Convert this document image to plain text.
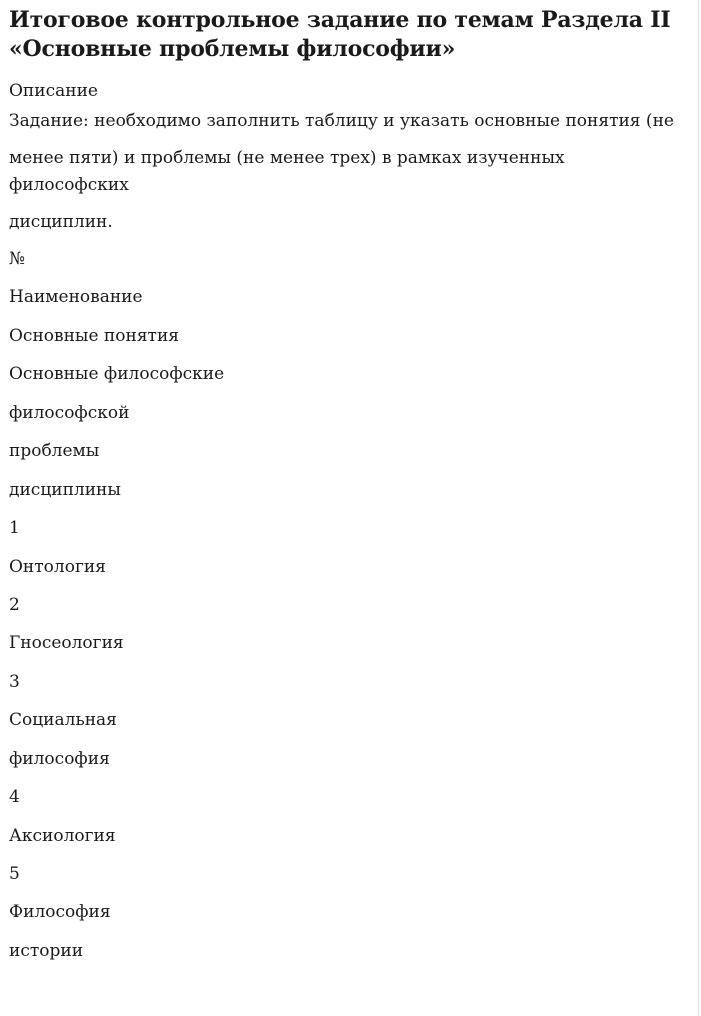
Итоговое контрольное задание по темам Раздела II «Основные проблемы философии»
Описание

Задание: необходимо заполнить таблицу и указать основные понятия (не

менее пяти) и проблемы (не менее трех) в рамках изученных философских

дисциплин.

№
Наименование
Основные понятия
Основные философские
философской
проблемы
дисциплины
1
Онтология
2
Гносеология
3
Социальная
философия
4
Аксиология
5
Философия
истории
